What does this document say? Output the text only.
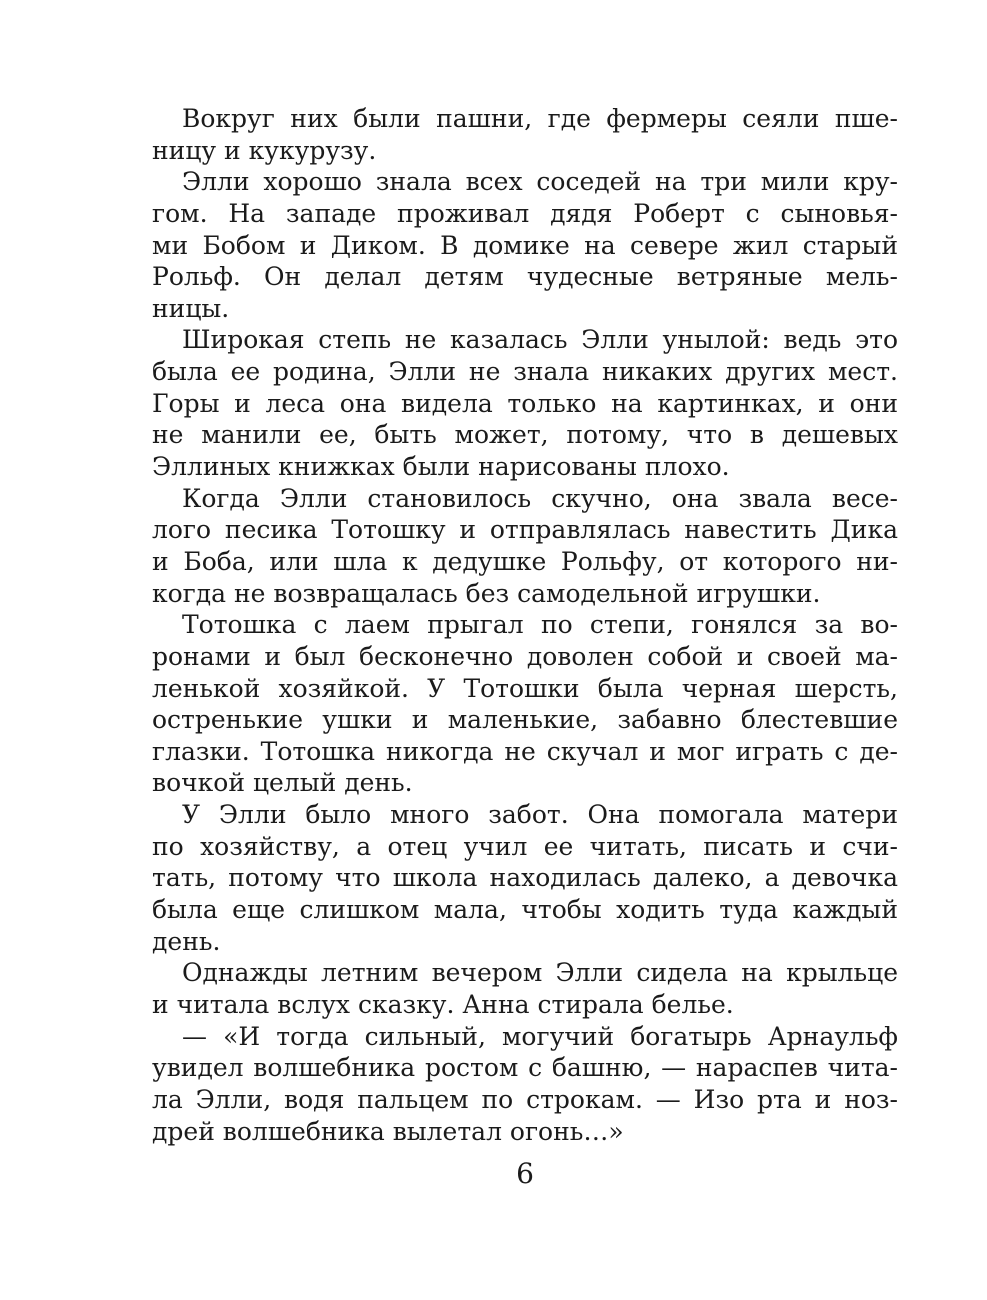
Вокруг них были пашни, где фермеры сеяли пше-
ницу и кукурузу.
Элли хорошо знала всех соседей на три мили кру-
гом. На западе проживал дядя Роберт с сыновья-
ми Бобом и Диком. В домике на севере жил старый
Рольф. Он делал детям чудесные ветряные мель-
ницы.
Широкая степь не казалась Элли унылой: ведь это
была ее родина, Элли не знала никаких других мест.
Горы и леса она видела только на картинках, и они
не манили ее, быть может, потому, что в дешевых
Эллиных книжках были нарисованы плохо.
Когда Элли становилось скучно, она звала весе-
лого песика Тотошку и отправлялась навестить Дика
и Боба, или шла к дедушке Рольфу, от которого ни-
когда не возвращалась без самодельной игрушки.
Тотошка с лаем прыгал по степи, гонялся за во-
ронами и был бесконечно доволен собой и своей ма-
ленькой хозяйкой. У Тотошки была черная шерсть,
остренькие ушки и маленькие, забавно блестевшие
глазки. Тотошка никогда не скучал и мог играть с де-
вочкой целый день.
У Элли было много забот. Она помогала матери
по хозяйству, а отец учил ее читать, писать и счи-
тать, потому что школа находилась далеко, а девочка
была еще слишком мала, чтобы ходить туда каждый
день.
Однажды летним вечером Элли сидела на крыльце
и читала вслух сказку. Анна стирала белье.
— «И тогда сильный, могучий богатырь Арнаульф
увидел волшебника ростом с башню, — нараспев чита-
ла Элли, водя пальцем по строкам. — Изо рта и ноз-
дрей волшебника вылетал огонь…»
6
